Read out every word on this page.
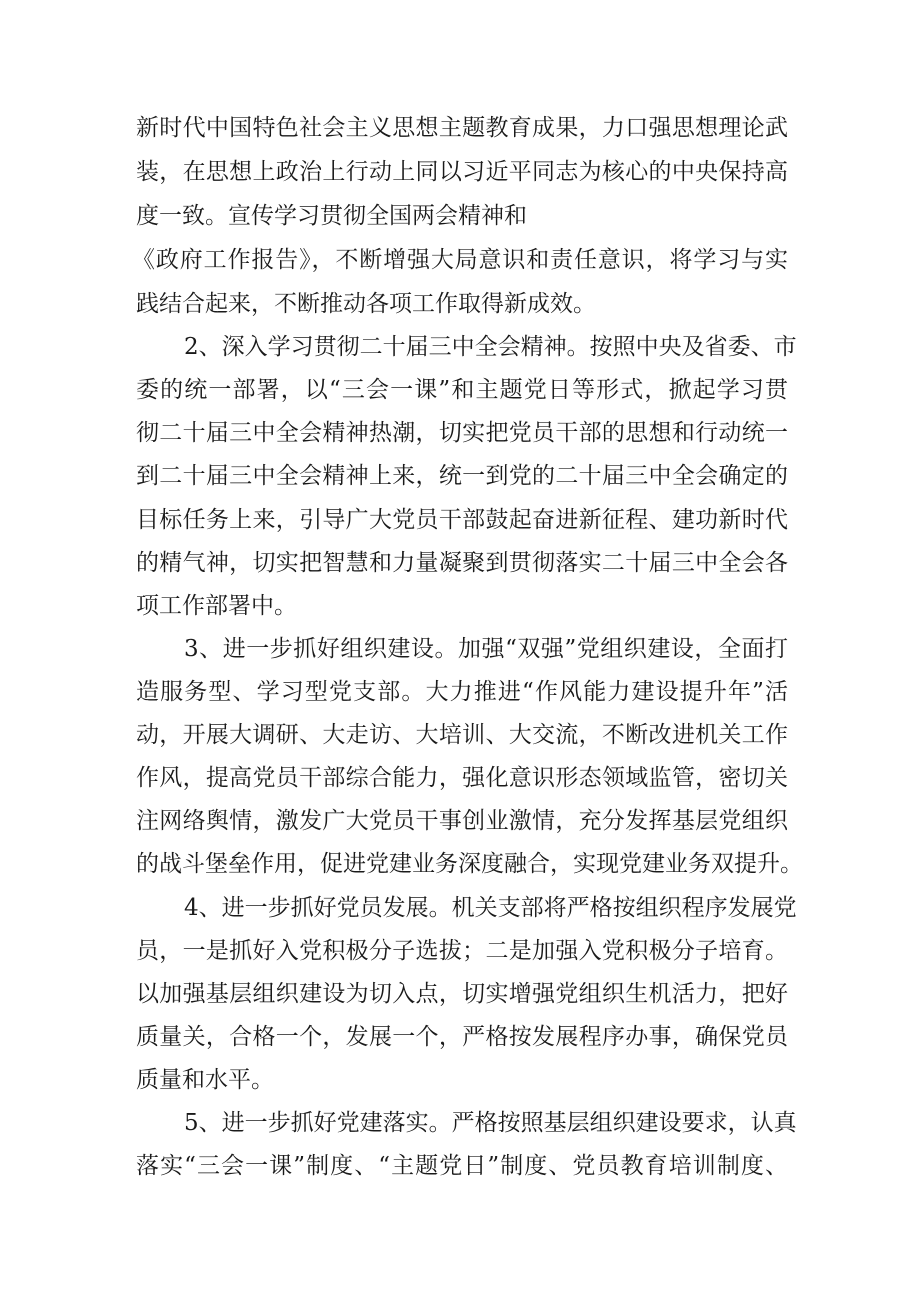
新时代中国特色社会主义思想主题教育成果，力口强思想理论武
装，在思想上政治上行动上同以习近平同志为核心的中央保持高
度一致。宣传学习贯彻全国两会精神和
《政府工作报告》，不断增强大局意识和责任意识，将学习与实
践结合起来，不断推动各项工作取得新成效。
2、深入学习贯彻二十届三中全会精神。按照中央及省委、市
委的统一部署，以“三会一课”和主题党日等形式，掀起学习贯
彻二十届三中全会精神热潮，切实把党员干部的思想和行动统一
到二十届三中全会精神上来，统一到党的二十届三中全会确定的
目标任务上来，引导广大党员干部鼓起奋进新征程、建功新时代
的精气神，切实把智慧和力量凝聚到贯彻落实二十届三中全会各
项工作部署中。
3、进一步抓好组织建设。加强“双强”党组织建设，全面打
造服务型、学习型党支部。大力推进“作风能力建设提升年”活
动，开展大调研、大走访、大培训、大交流，不断改进机关工作
作风，提高党员干部综合能力，强化意识形态领域监管，密切关
注网络舆情，激发广大党员干事创业激情，充分发挥基层党组织
的战斗堡垒作用，促进党建业务深度融合，实现党建业务双提升。
4、进一步抓好党员发展。机关支部将严格按组织程序发展党
员，一是抓好入党积极分子选拔；二是加强入党积极分子培育。
以加强基层组织建设为切入点，切实增强党组织生机活力，把好
质量关，合格一个，发展一个，严格按发展程序办事，确保党员
质量和水平。
5、进一步抓好党建落实。严格按照基层组织建设要求，认真
落实“三会一课”制度、“主题党日”制度、党员教育培训制度、
